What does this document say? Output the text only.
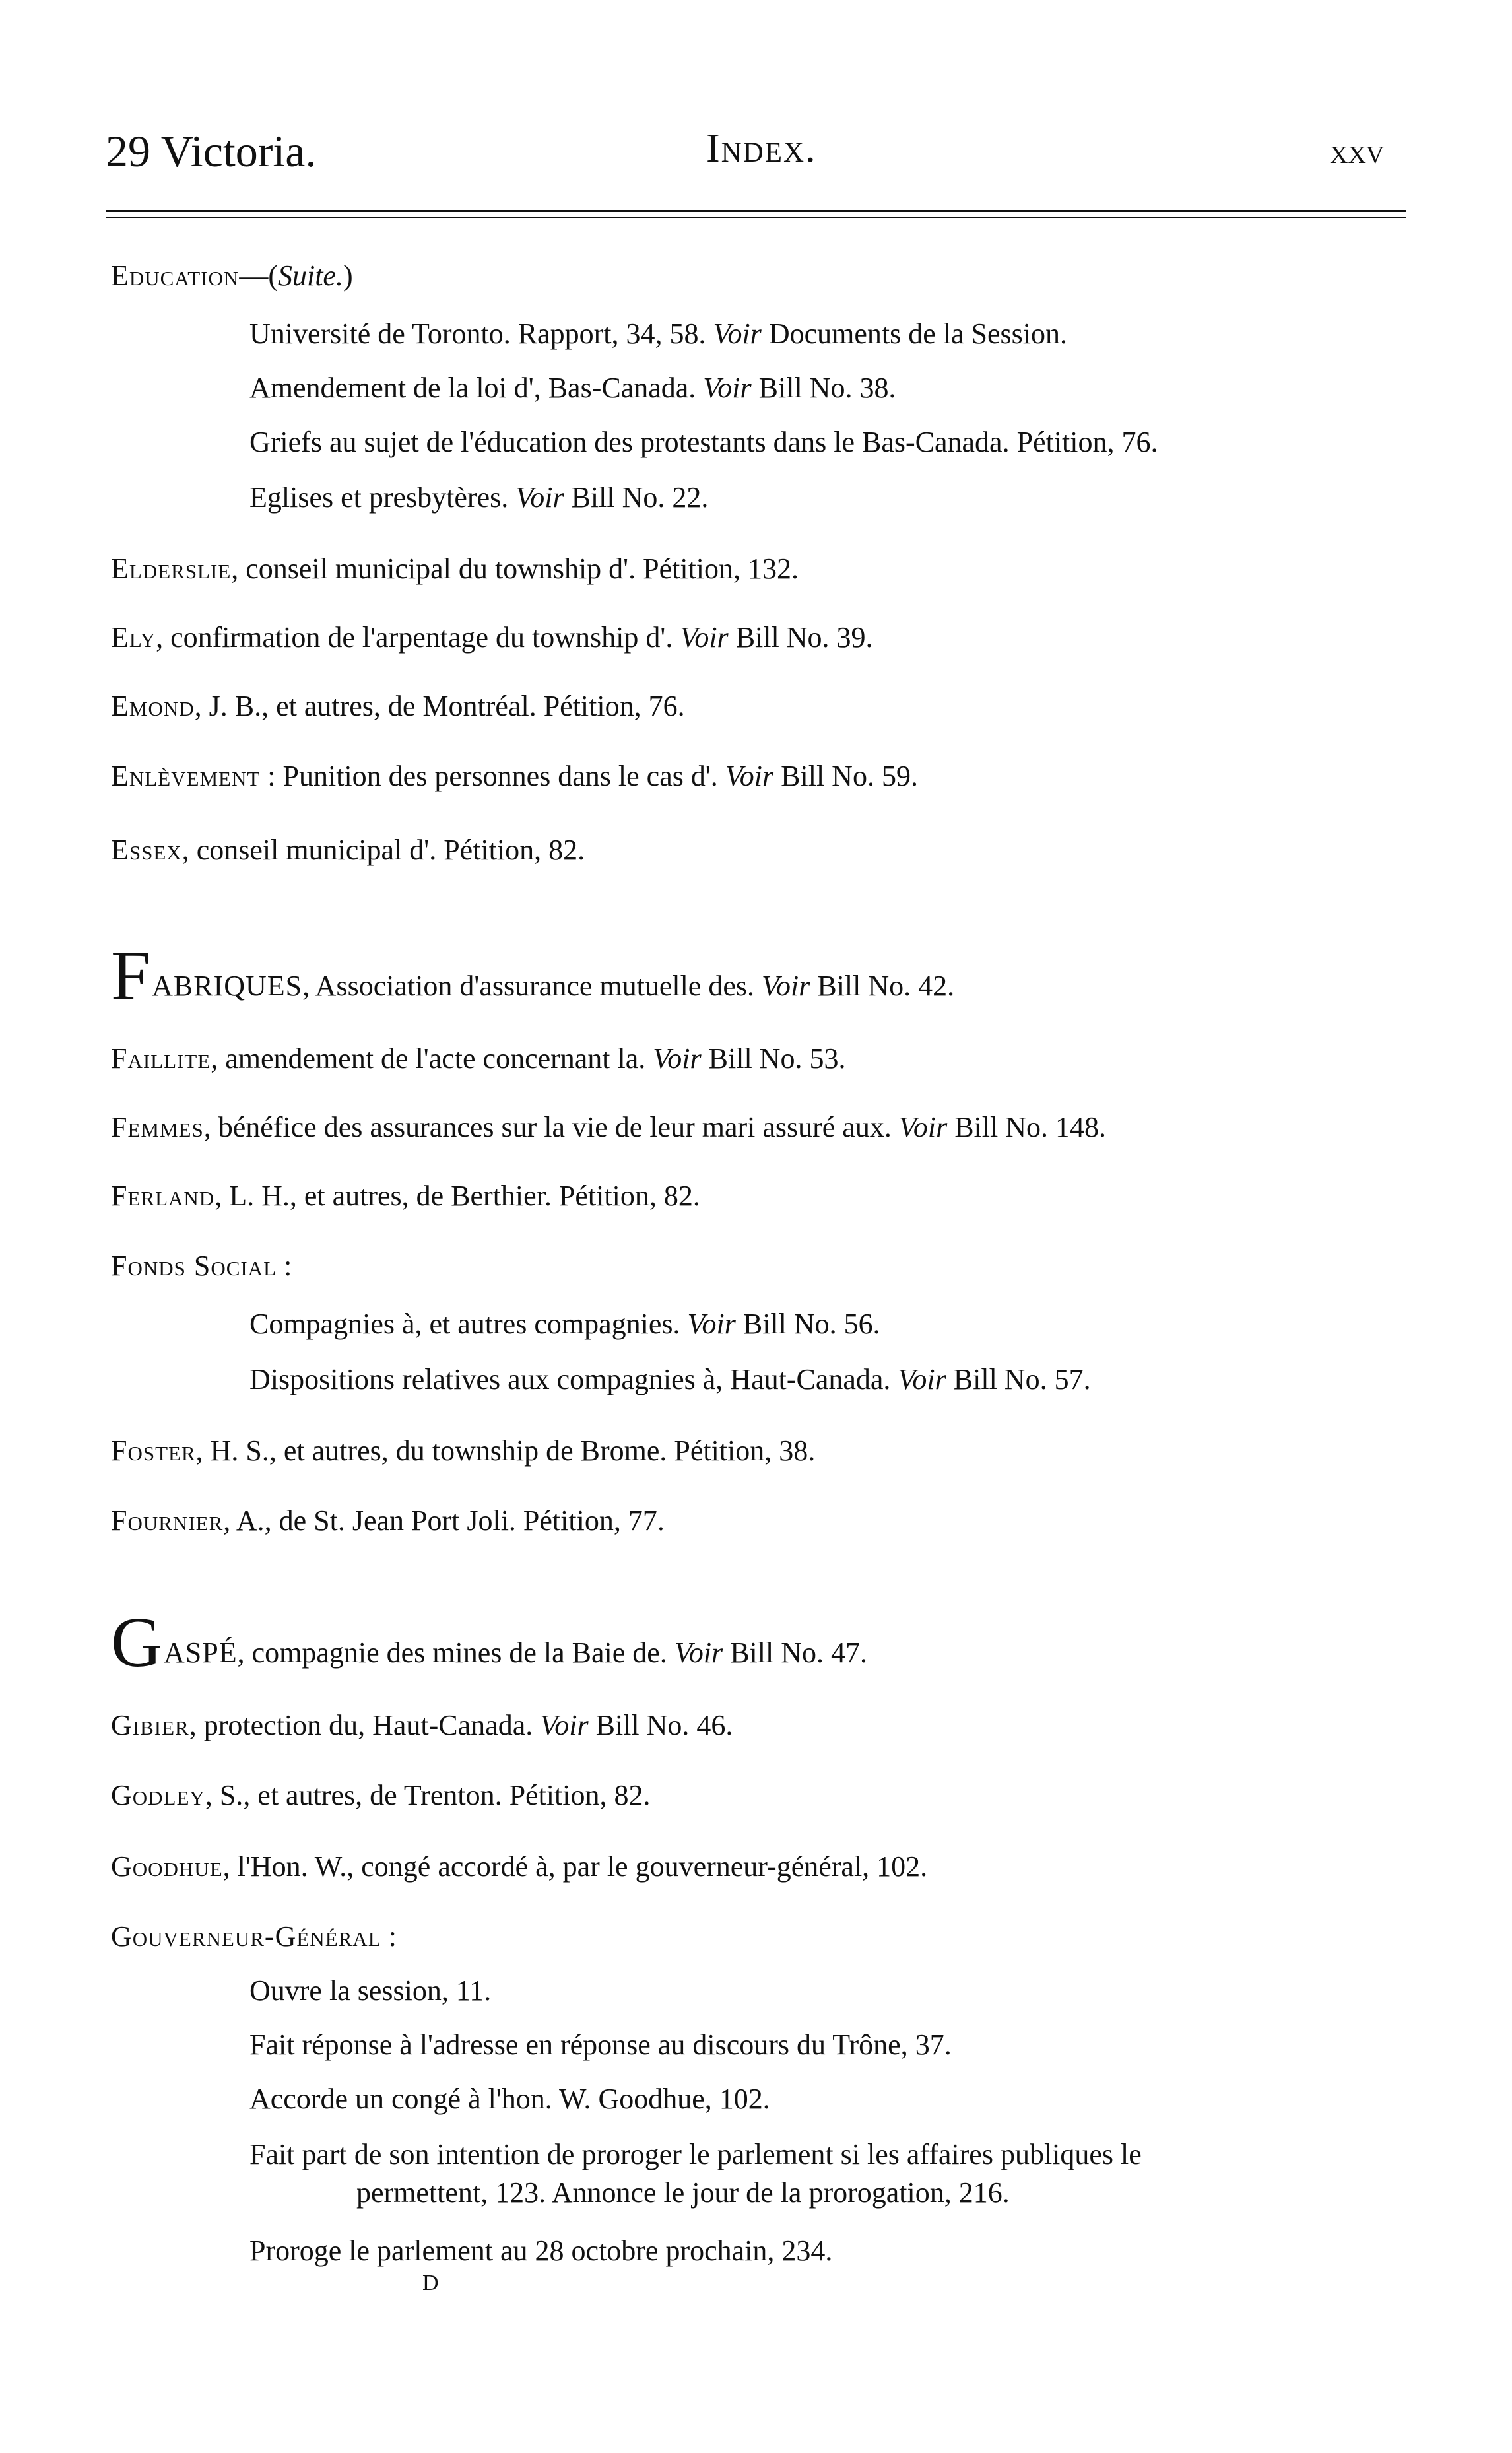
29 Victoria.	Index.	xxv
Education—(Suite.)
Université de Toronto. Rapport, 34, 58. Voir Documents de la Session.
Amendement de la loi d', Bas-Canada. Voir Bill No. 38.
Griefs au sujet de l'éducation des protestants dans le Bas-Canada. Pétition, 76.
Eglises et presbytères. Voir Bill No. 22.
Elderslie, conseil municipal du township d'. Pétition, 132.
Ely, confirmation de l'arpentage du township d'. Voir Bill No. 39.
Emond, J. B., et autres, de Montréal. Pétition, 76.
Enlèvement : Punition des personnes dans le cas d'. Voir Bill No. 59.
Essex, conseil municipal d'. Pétition, 82.
FABRIQUES, Association d'assurance mutuelle des. Voir Bill No. 42.
Faillite, amendement de l'acte concernant la. Voir Bill No. 53.
Femmes, bénéfice des assurances sur la vie de leur mari assuré aux. Voir Bill No. 148.
Ferland, L. H., et autres, de Berthier. Pétition, 82.
Fonds Social :
Compagnies à, et autres compagnies. Voir Bill No. 56.
Dispositions relatives aux compagnies à, Haut-Canada. Voir Bill No. 57.
Foster, H. S., et autres, du township de Brome. Pétition, 38.
Fournier, A., de St. Jean Port Joli. Pétition, 77.
GASPÉ, compagnie des mines de la Baie de. Voir Bill No. 47.
Gibier, protection du, Haut-Canada. Voir Bill No. 46.
Godley, S., et autres, de Trenton. Pétition, 82.
Goodhue, l'Hon. W., congé accordé à, par le gouverneur-général, 102.
Gouverneur-Général :
Ouvre la session, 11.
Fait réponse à l'adresse en réponse au discours du Trône, 37.
Accorde un congé à l'hon. W. Goodhue, 102.
Fait part de son intention de proroger le parlement si les affaires publiques le
permettent, 123. Annonce le jour de la prorogation, 216.
Proroge le parlement au 28 octobre prochain, 234.
D
